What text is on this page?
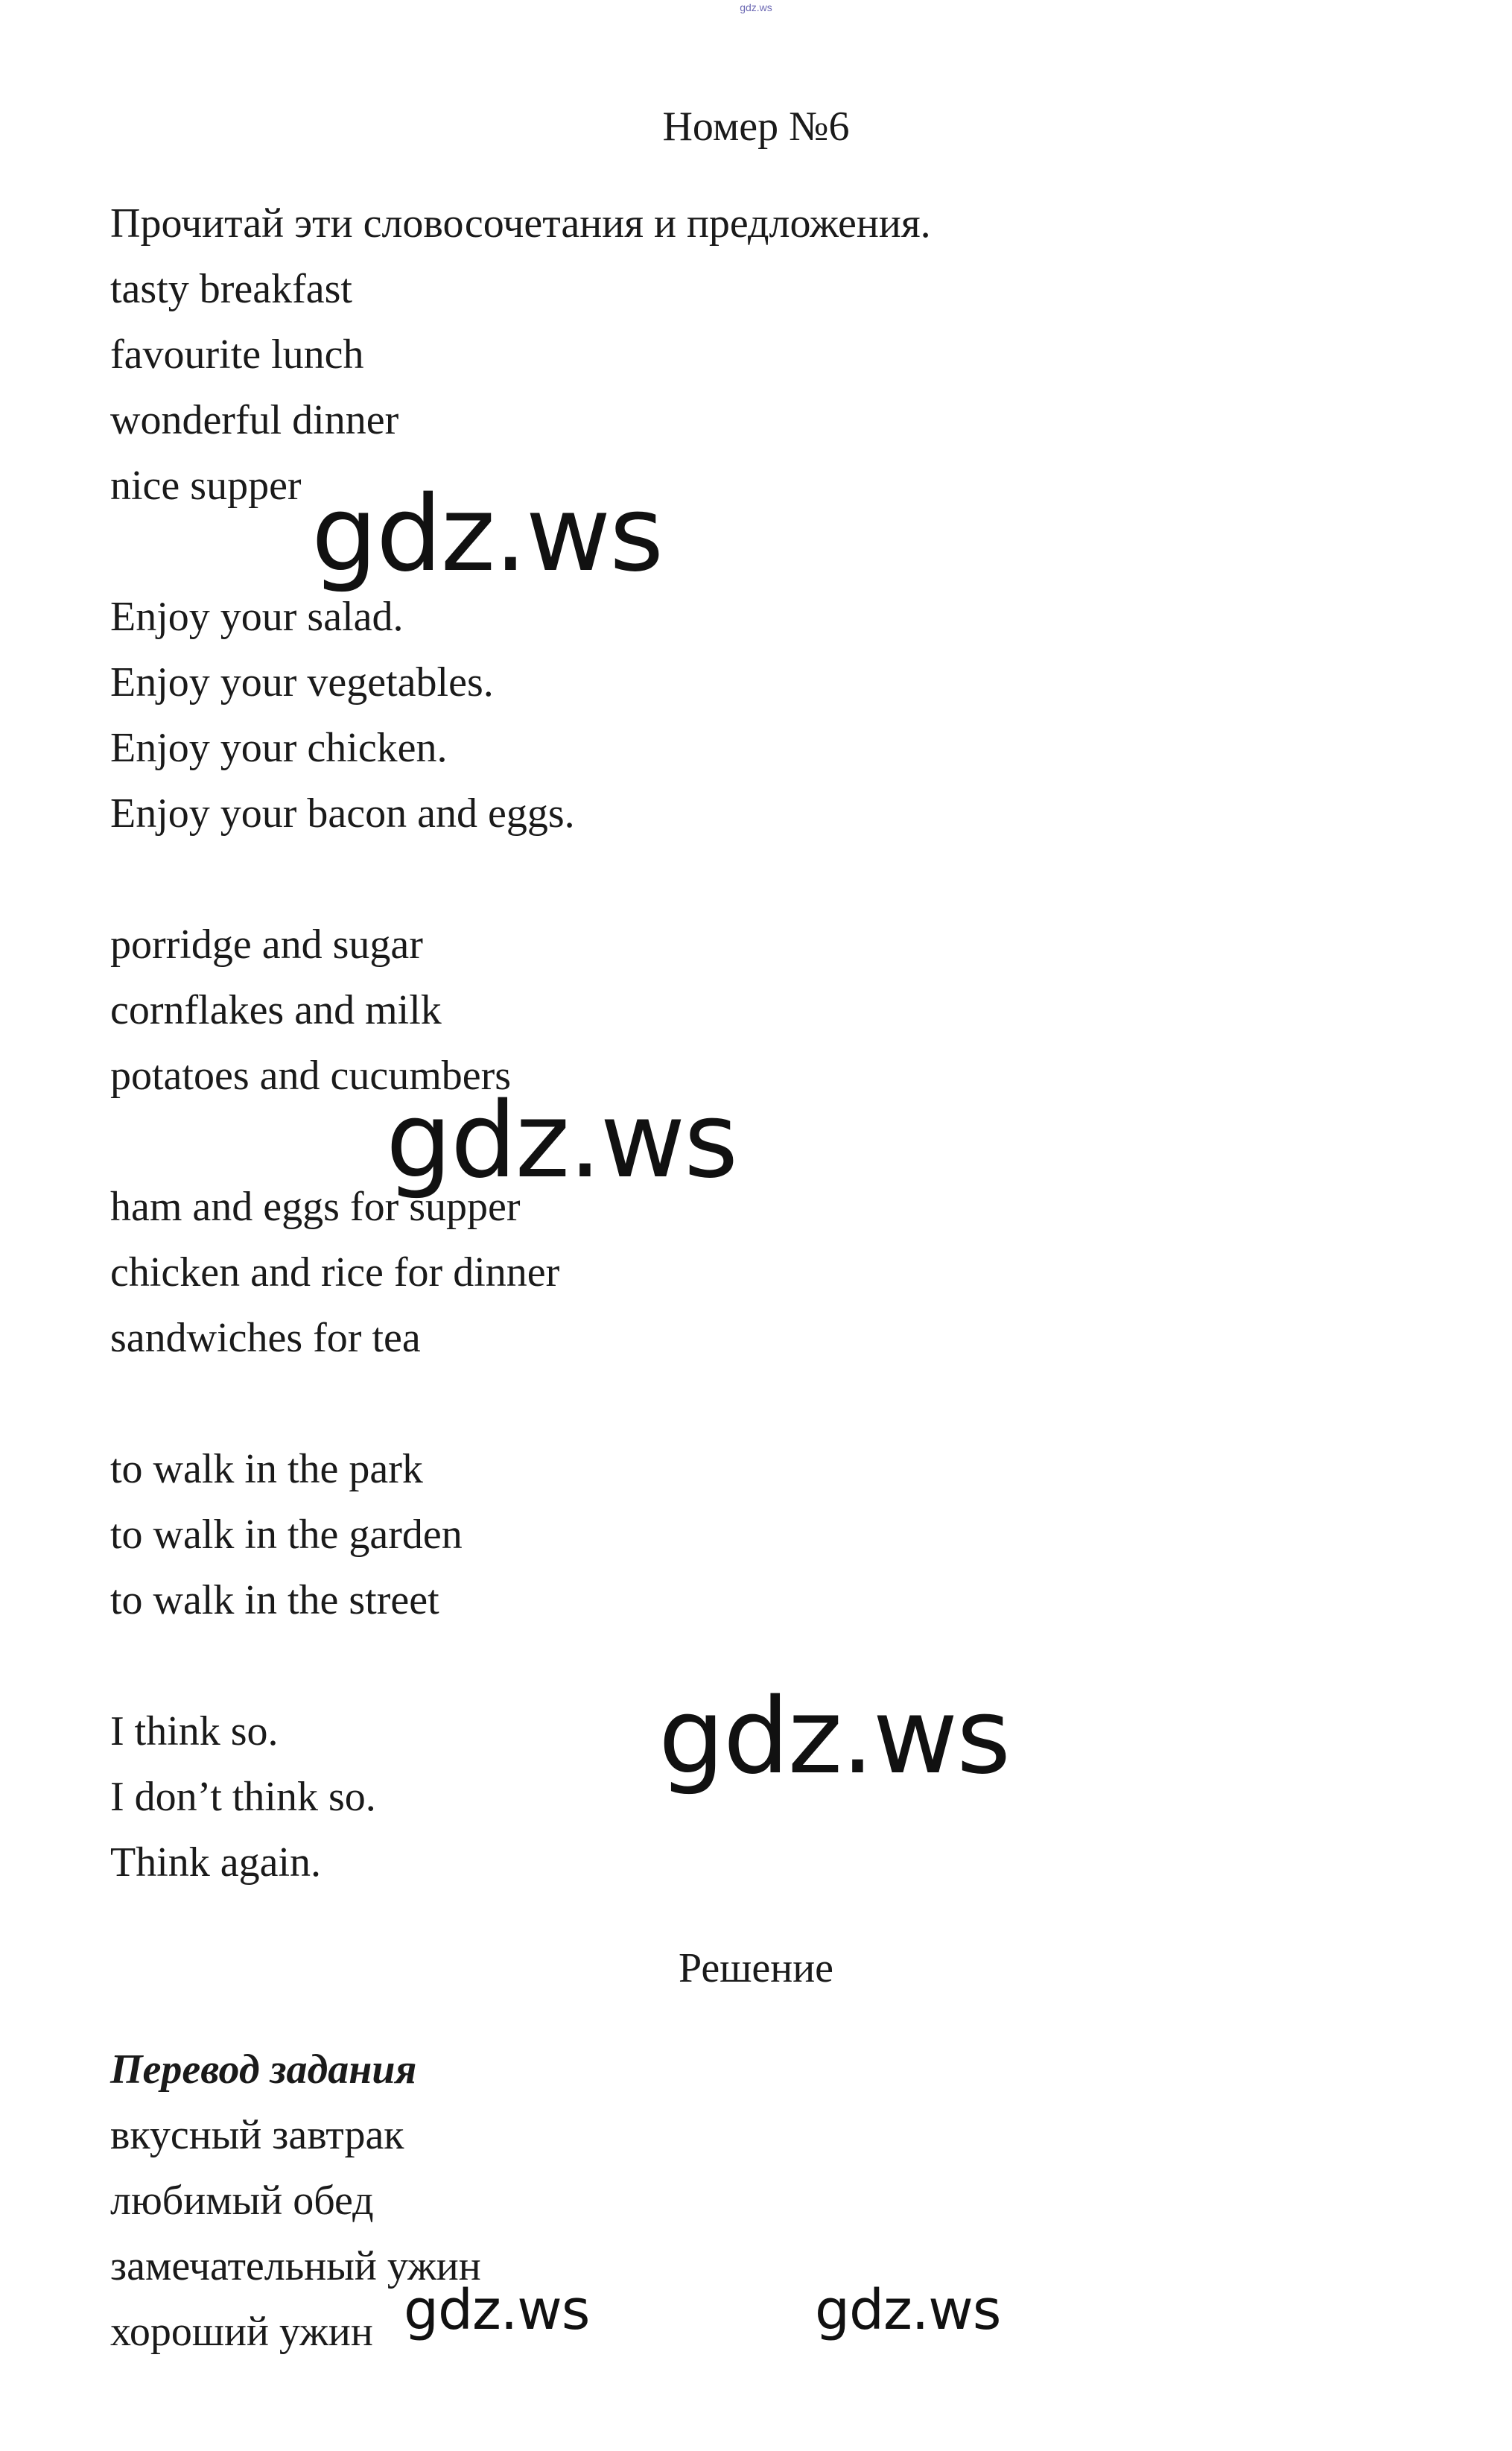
gdz.ws
Номер №6
Прочитай эти словосочетания и предложения.
tasty breakfast
favourite lunch
wonderful dinner
nice supper
Enjoy your salad.
Enjoy your vegetables.
Enjoy your chicken.
Enjoy your bacon and eggs.
porridge and sugar
cornflakes and milk
potatoes and cucumbers
ham and eggs for supper
chicken and rice for dinner
sandwiches for tea
to walk in the park
to walk in the garden
to walk in the street
I think so.
I don’t think so.
Think again.
Решение
Перевод задания
вкусный завтрак
любимый обед
замечательный ужин
хороший ужин
gdz.ws
gdz.ws
gdz.ws
gdz.ws	gdz.ws
